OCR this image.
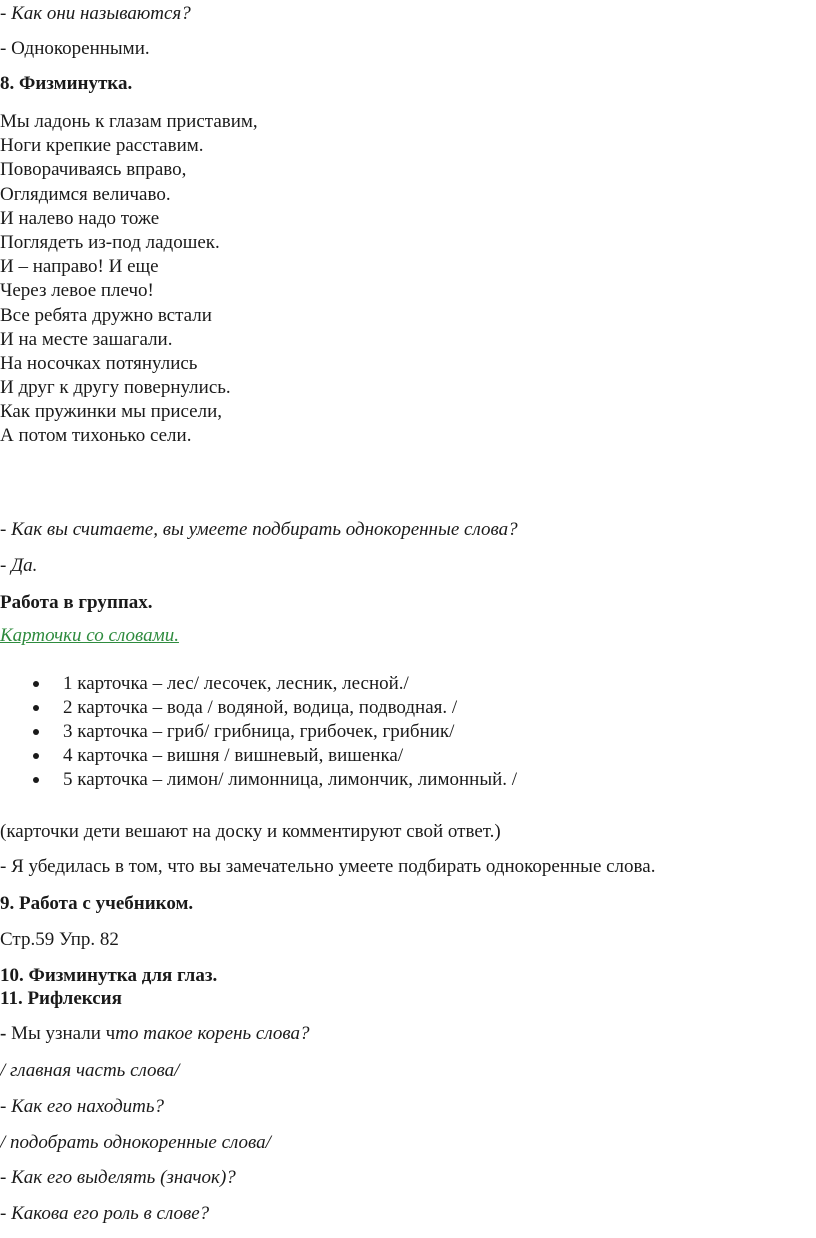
- Как они называются?
- Однокоренными.
8. Физминутка.
Мы ладонь к глазам приставим,
Ноги крепкие расставим.
Поворачиваясь вправо,
Оглядимся величаво.
И налево надо тоже
Поглядеть из-под ладошек.
И – направо! И еще
Через левое плечо!
Все ребята дружно встали
И на месте зашагали.
На носочках потянулись
И друг к другу повернулись.
Как пружинки мы присели,
А потом тихонько сели.
- Как вы считаете, вы умеете подбирать однокоренные слова?
- Да.
Работа в группах.
Карточки со словами.
1 карточка – лес/ лесочек, лесник, лесной./
2 карточка – вода / водяной, водица, подводная. /
3 карточка – гриб/ грибница, грибочек, грибник/
4 карточка – вишня / вишневый, вишенка/
5 карточка – лимон/ лимонница, лимончик, лимонный. /
(карточки дети вешают на доску и комментируют свой ответ.)
- Я убедилась в том, что вы замечательно умеете подбирать однокоренные слова.
9. Работа с учебником.
Стр.59 Упр. 82
10. Физминутка для глаз.
11. Рифлексия
- Мы узнали что такое корень слова?
/ главная часть слова/
- Как его находить?
/ подобрать однокоренные слова/
- Как его выделять (значок)?
- Какова его роль в слове?
